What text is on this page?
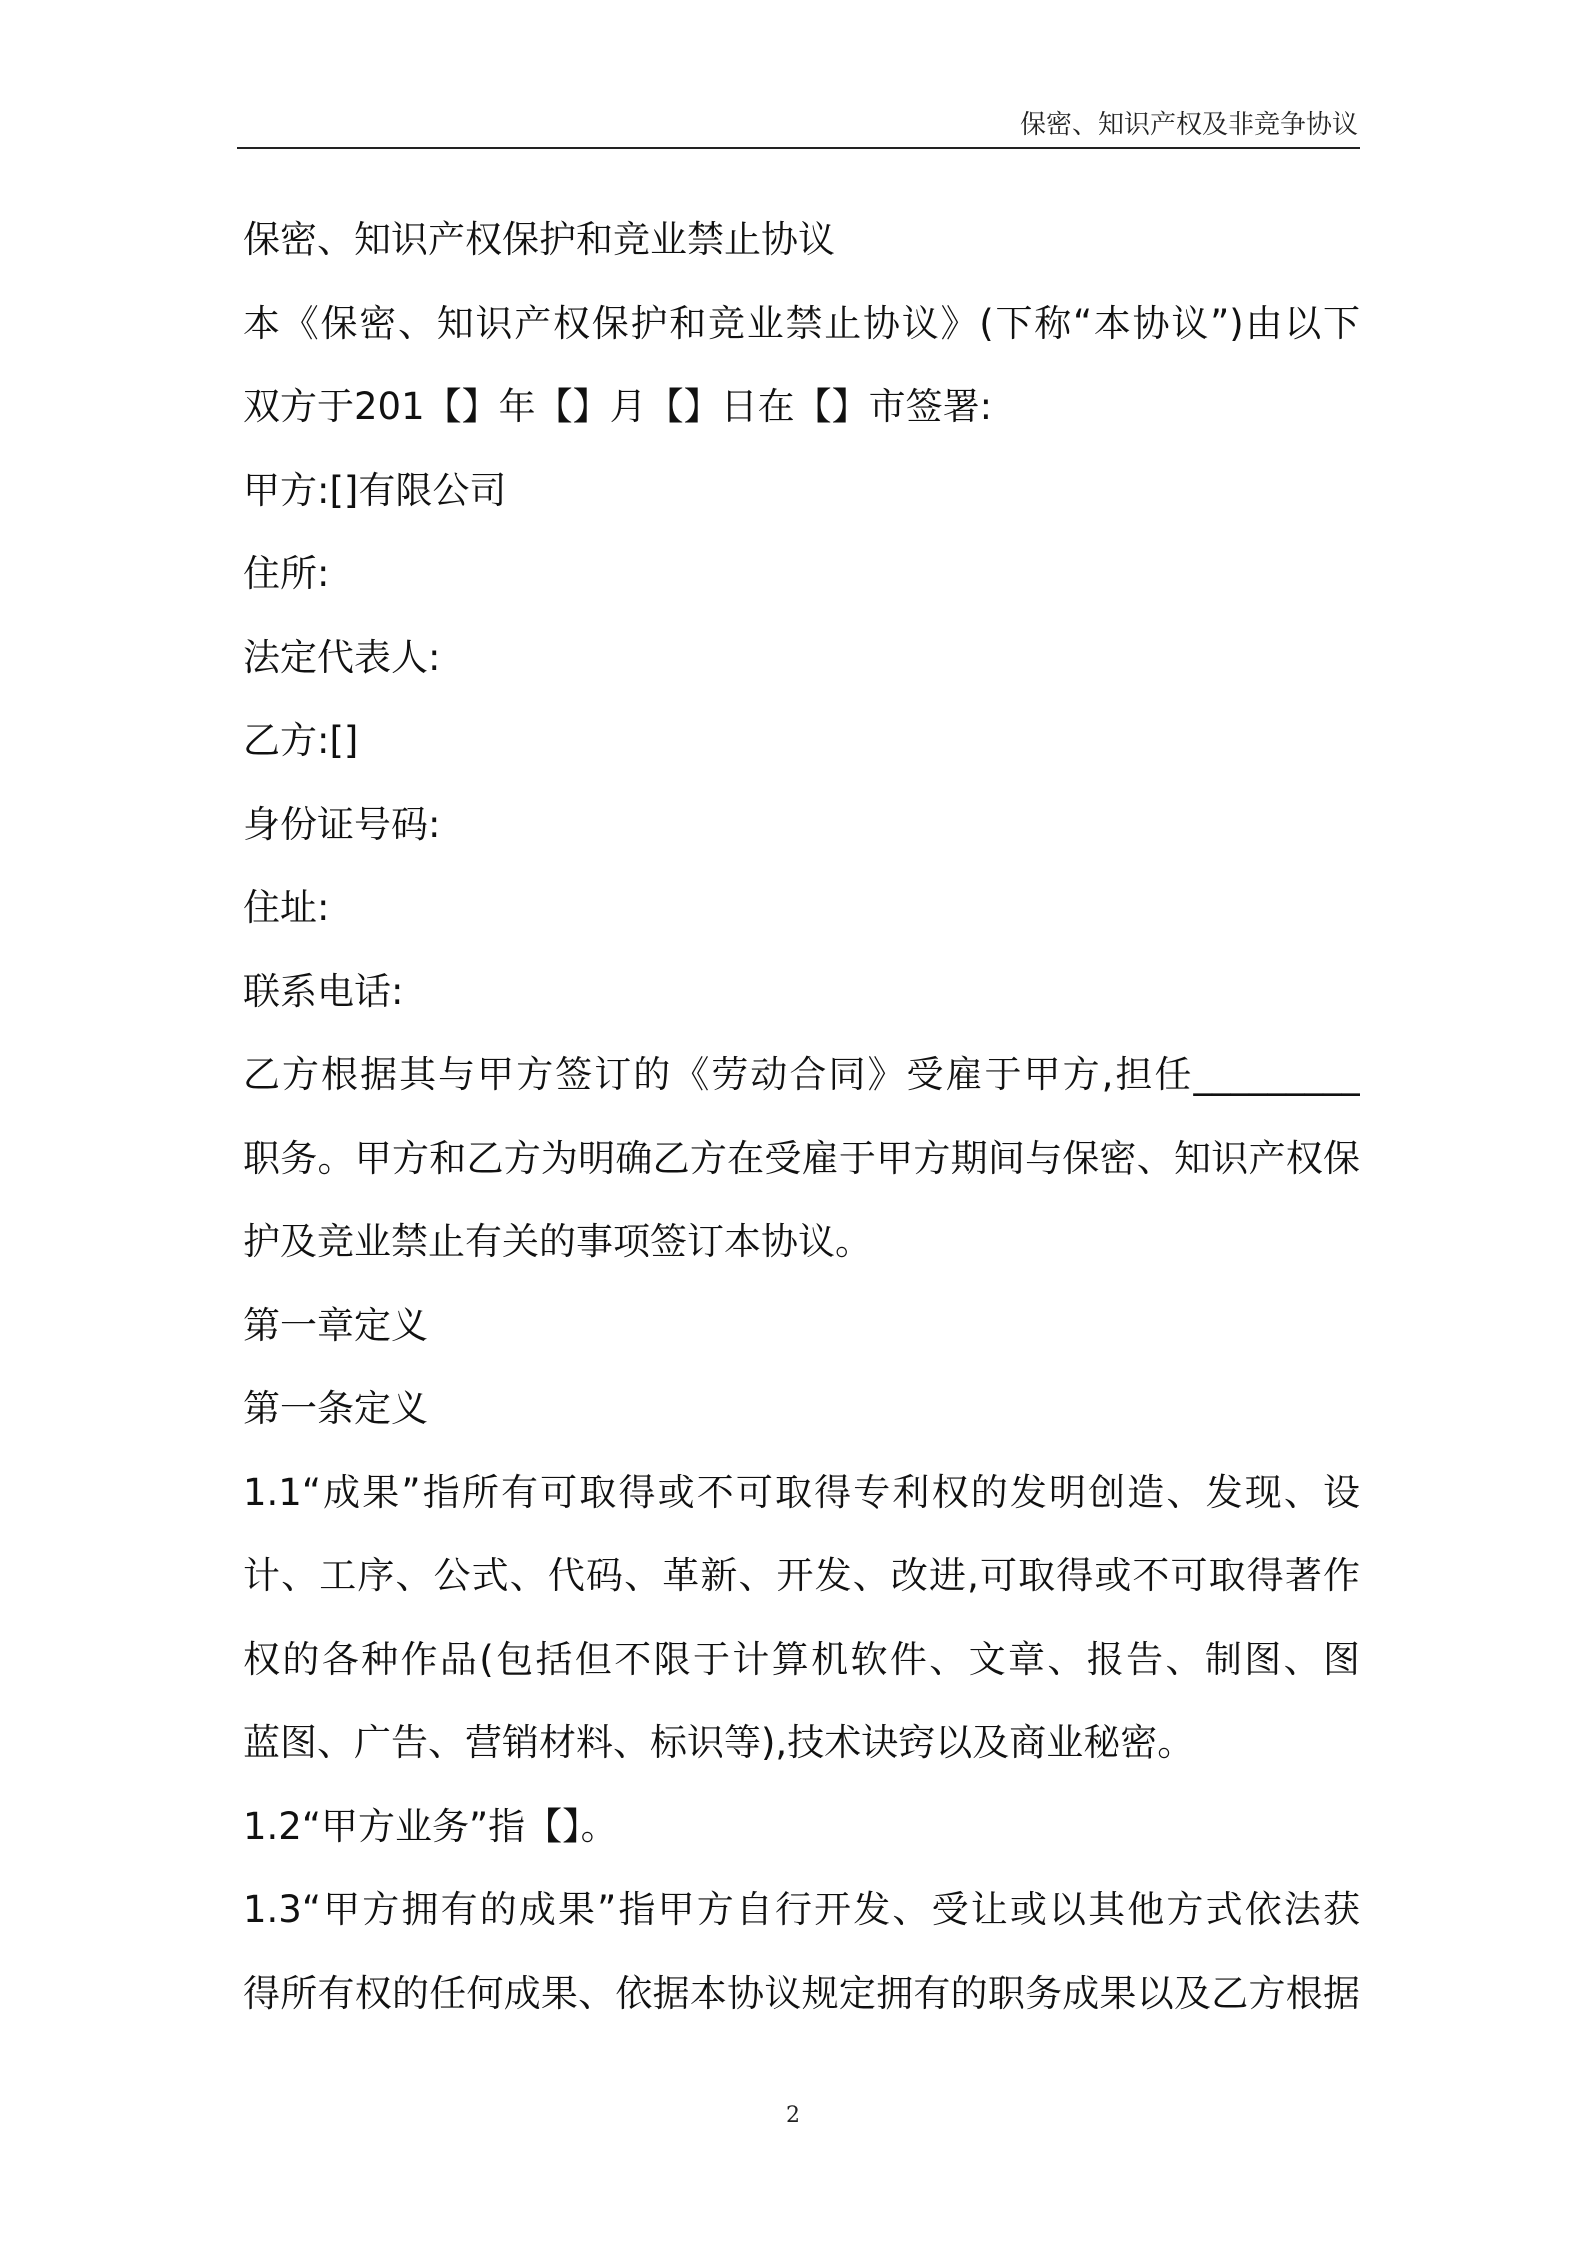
保密、知识产权及非竞争协议
保密、知识产权保护和竞业禁止协议
本《保密、知识产权保护和竞业禁止协议》(下称“本协议”)由以下
双方于201【】年【】月【】日在【】市签署:
甲方:[]有限公司
住所:
法定代表人:
乙方:[]
身份证号码:
住址:
联系电话:
乙方根据其与甲方签订的《劳动合同》受雇于甲方,担任_________
职务。甲方和乙方为明确乙方在受雇于甲方期间与保密、知识产权保
护及竞业禁止有关的事项签订本协议。
第一章定义
第一条定义
1.1“成果”指所有可取得或不可取得专利权的发明创造、发现、设
计、工序、公式、代码、革新、开发、改进,可取得或不可取得著作
权的各种作品(包括但不限于计算机软件、文章、报告、制图、图
蓝图、广告、营销材料、标识等),技术诀窍以及商业秘密。
1.2“甲方业务”指【】。
1.3“甲方拥有的成果”指甲方自行开发、受让或以其他方式依法获
得所有权的任何成果、依据本协议规定拥有的职务成果以及乙方根据
2
